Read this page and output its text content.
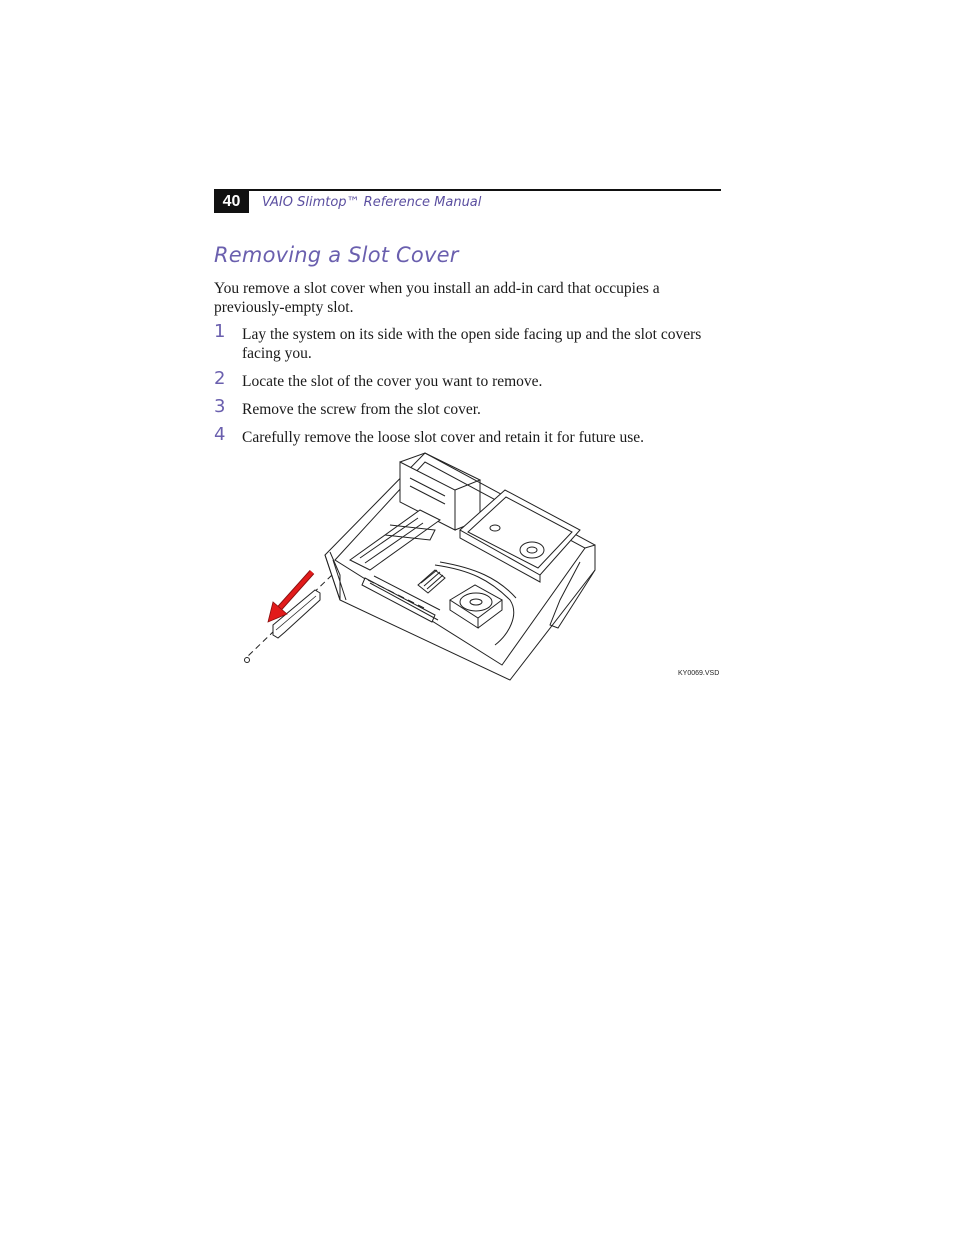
40	VAIO Slimtop™ Reference Manual
Removing a Slot Cover
You remove a slot cover when you install an add-in card that occupies a previously-empty slot.
1 Lay the system on its side with the open side facing up and the slot covers facing you.
2 Locate the slot of the cover you want to remove.
3 Remove the screw from the slot cover.
4 Carefully remove the loose slot cover and retain it for future use.
KY0069.VSD
